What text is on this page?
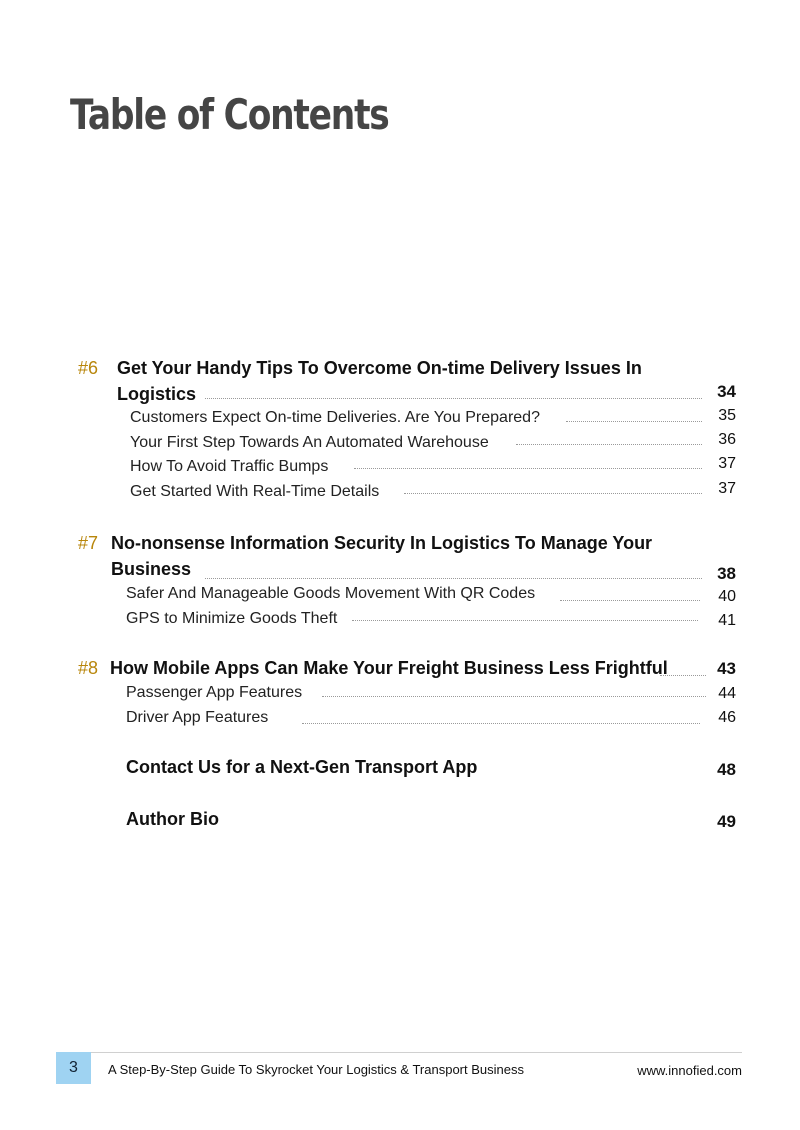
Table of Contents
#6 Get Your Handy Tips To Overcome On-time Delivery Issues In
Logistics	34
Customers Expect On-time Deliveries. Are You Prepared?	35
Your First Step Towards An Automated Warehouse	36
How To Avoid Traffic Bumps	37
Get Started With Real-Time Details	37
#7 No-nonsense Information Security In Logistics To Manage Your
Business	38
Safer And Manageable Goods Movement With QR Codes	40
GPS to Minimize Goods Theft	41
#8 How Mobile Apps Can Make Your Freight Business Less Frightful	43
Passenger App Features	44
Driver App Features	46
Contact Us for a Next-Gen Transport App	48
Author Bio	49
3	A Step-By-Step Guide To Skyrocket Your Logistics & Transport Business	www.innofied.com
